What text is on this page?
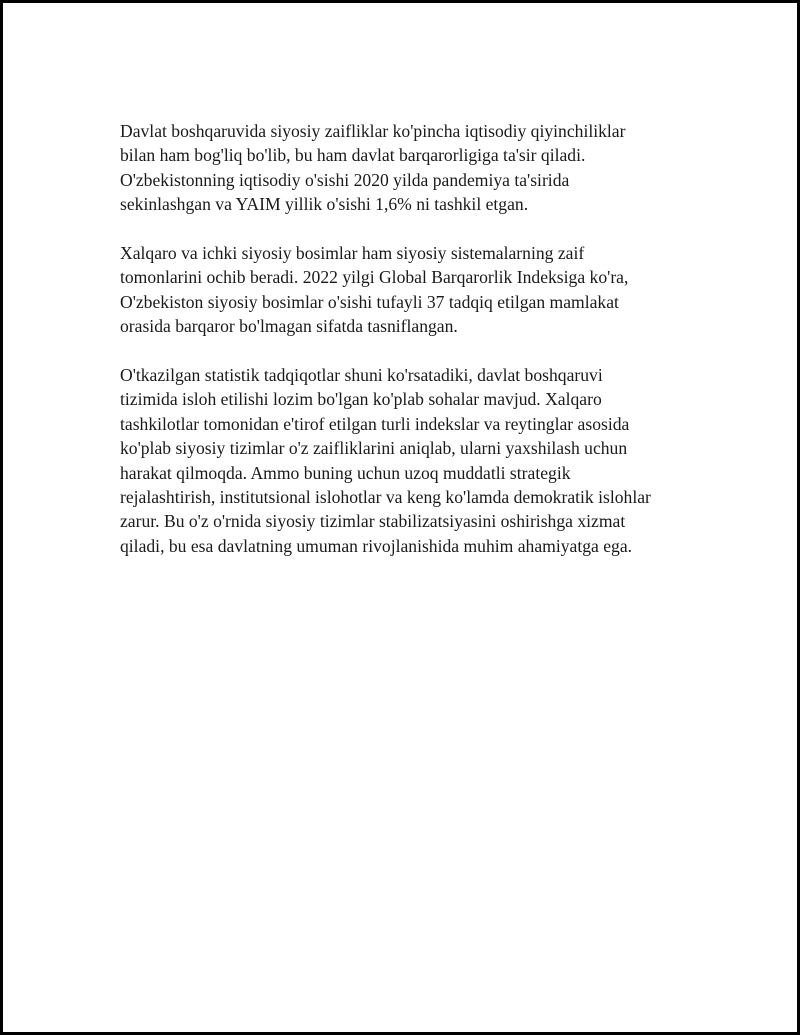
Davlat boshqaruvida siyosiy zaifliklar ko'pincha iqtisodiy qiyinchiliklar
bilan ham bog'liq bo'lib, bu ham davlat barqarorligiga ta'sir qiladi.
O'zbekistonning iqtisodiy o'sishi 2020 yilda pandemiya ta'sirida
sekinlashgan va YAIM yillik o'sishi 1,6% ni tashkil etgan.

Xalqaro va ichki siyosiy bosimlar ham siyosiy sistemalarning zaif
tomonlarini ochib beradi. 2022 yilgi Global Barqarorlik Indeksiga ko'ra,
O'zbekiston siyosiy bosimlar o'sishi tufayli 37 tadqiq etilgan mamlakat
orasida barqaror bo'lmagan sifatda tasniflangan.

O'tkazilgan statistik tadqiqotlar shuni ko'rsatadiki, davlat boshqaruvi
tizimida isloh etilishi lozim bo'lgan ko'plab sohalar mavjud. Xalqaro
tashkilotlar tomonidan e'tirof etilgan turli indekslar va reytinglar asosida
ko'plab siyosiy tizimlar o'z zaifliklarini aniqlab, ularni yaxshilash uchun
harakat qilmoqda. Ammo buning uchun uzoq muddatli strategik
rejalashtirish, institutsional islohotlar va keng ko'lamda demokratik islohlar
zarur. Bu o'z o'rnida siyosiy tizimlar stabilizatsiyasini oshirishga xizmat
qiladi, bu esa davlatning umuman rivojlanishida muhim ahamiyatga ega.
